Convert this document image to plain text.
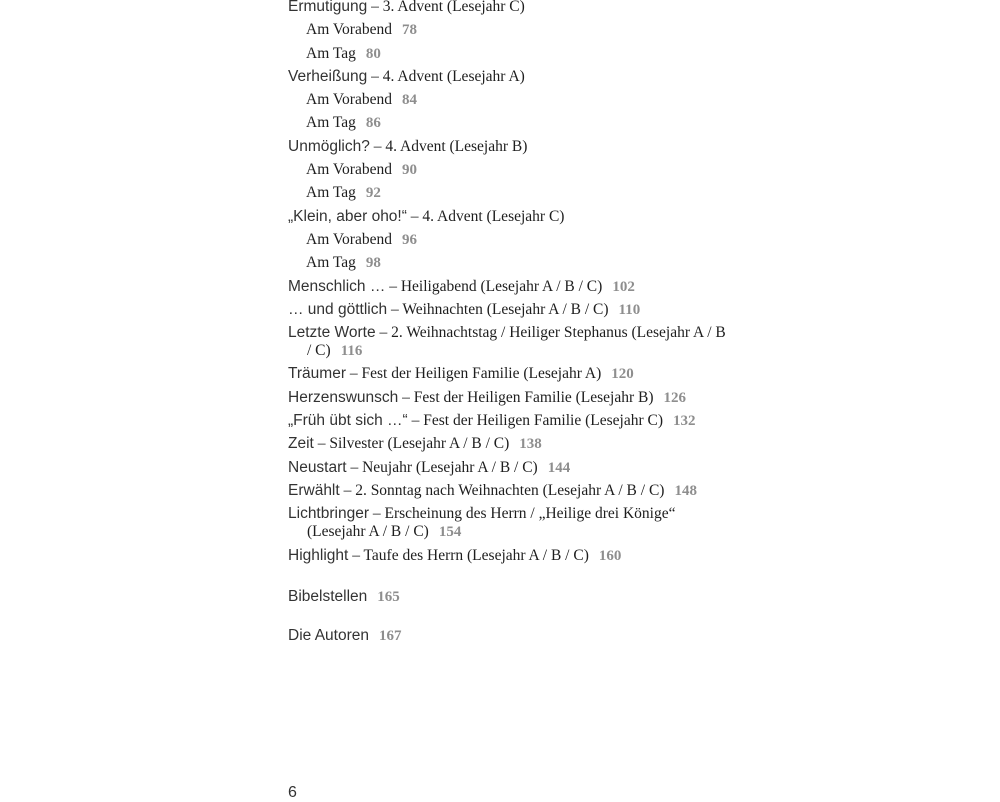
Ermutigung – 3. Advent (Lesejahr C)
Am Vorabend 78
Am Tag 80
Verheißung – 4. Advent (Lesejahr A)
Am Vorabend 84
Am Tag 86
Unmöglich? – 4. Advent (Lesejahr B)
Am Vorabend 90
Am Tag 92
„Klein, aber oho!“ – 4. Advent (Lesejahr C)
Am Vorabend 96
Am Tag 98
Menschlich … – Heiligabend (Lesejahr A / B / C) 102
… und göttlich – Weihnachten (Lesejahr A / B / C) 110
Letzte Worte – 2. Weihnachtstag / Heiliger Stephanus (Lesejahr A / B / C) 116
Träumer – Fest der Heiligen Familie (Lesejahr A) 120
Herzenswunsch – Fest der Heiligen Familie (Lesejahr B) 126
„Früh übt sich …“ – Fest der Heiligen Familie (Lesejahr C) 132
Zeit – Silvester (Lesejahr A / B / C) 138
Neustart – Neujahr (Lesejahr A / B / C) 144
Erwählt – 2. Sonntag nach Weihnachten (Lesejahr A / B / C) 148
Lichtbringer – Erscheinung des Herrn / „Heilige drei Könige“ (Lesejahr A / B / C) 154
Highlight – Taufe des Herrn (Lesejahr A / B / C) 160
Bibelstellen 165
Die Autoren 167
6
